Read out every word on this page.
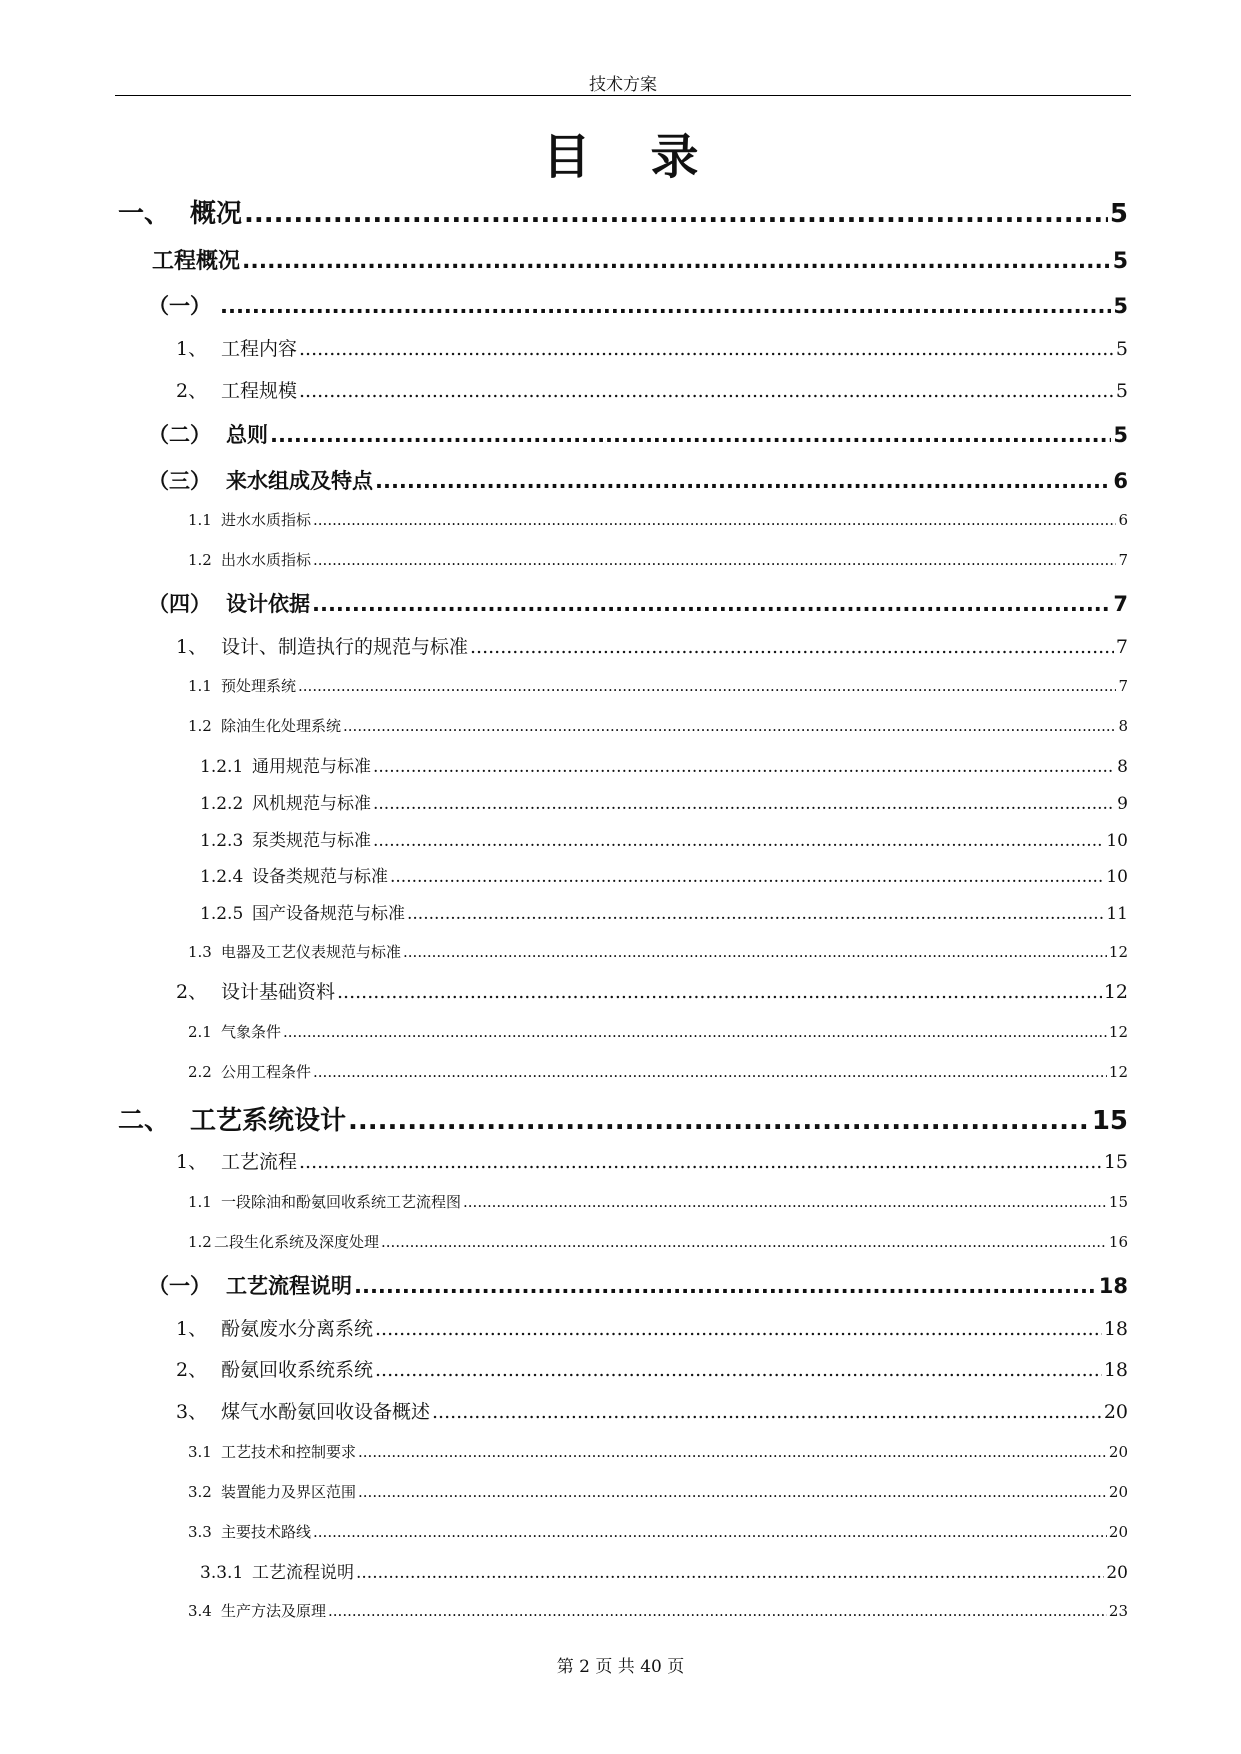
技术方案
目 录
一、 概况 .....	5
工程概况 .....	5
（一） .....	5
1、 工程内容 .....	5
2、 工程规模 .....	5
（二） 总则 .....	5
（三） 来水组成及特点 .....	6
1.1 进水水质指标 .....	6
1.2 出水水质指标 .....	7
（四） 设计依据 .....	7
1、 设计、制造执行的规范与标准 .....	7
1.1 预处理系统 .....	7
1.2 除油生化处理系统 .....	8
1.2.1 通用规范与标准 .....	8
1.2.2 风机规范与标准 .....	9
1.2.3 泵类规范与标准 .....	10
1.2.4 设备类规范与标准 .....	10
1.2.5 国产设备规范与标准 .....	11
1.3 电器及工艺仪表规范与标准 .....	12
2、 设计基础资料 .....	12
2.1 气象条件 .....	12
2.2 公用工程条件 .....	12
二、 工艺系统设计 .....	15
1、 工艺流程 .....	15
1.1 一段除油和酚氨回收系统工艺流程图 .....	15
1.2 二段生化系统及深度处理 .....	16
（一） 工艺流程说明 .....	18
1、 酚氨废水分离系统 .....	18
2、 酚氨回收系统系统 .....	18
3、 煤气水酚氨回收设备概述 .....	20
3.1 工艺技术和控制要求 .....	20
3.2 装置能力及界区范围 .....	20
3.3 主要技术路线 .....	20
3.3.1 工艺流程说明 .....	20
3.4 生产方法及原理 .....	23
第 2 页 共 40 页
